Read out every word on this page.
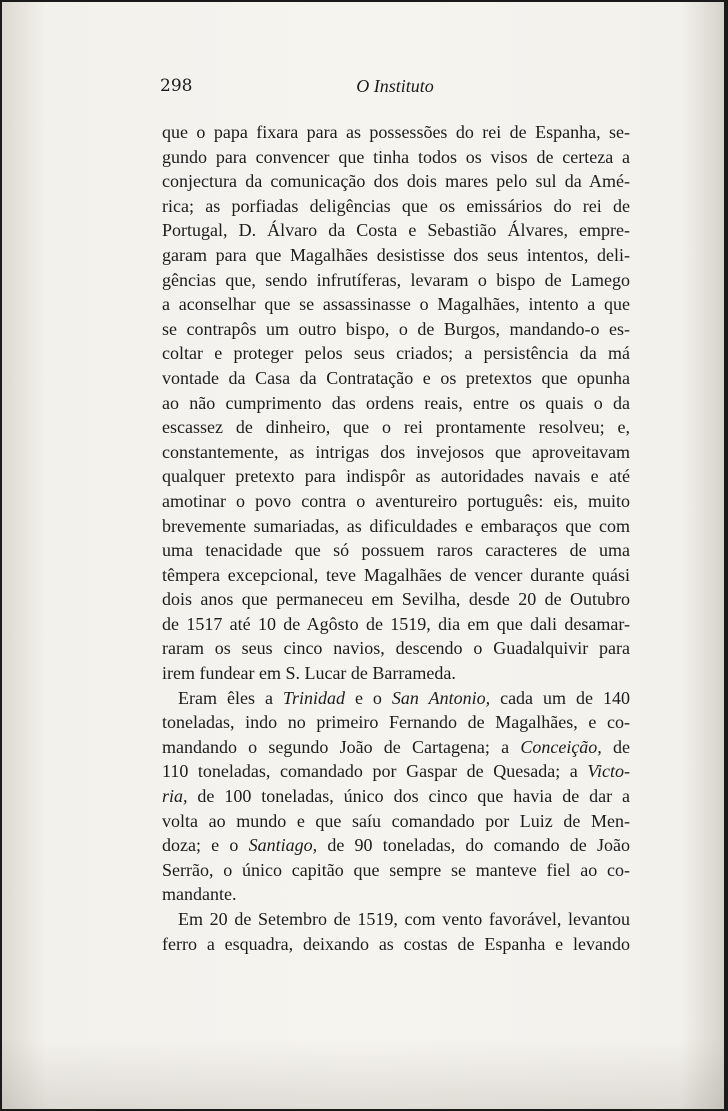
298	O Instituto

que o papa fixara para as possessões do rei de Espanha, se-
gundo para convencer que tinha todos os visos de certeza a
conjectura da comunicação dos dois mares pelo sul da Amé-
rica; as porfiadas deligências que os emissários do rei de
Portugal, D. Álvaro da Costa e Sebastião Álvares, empre-
garam para que Magalhães desistisse dos seus intentos, deli-
gências que, sendo infrutíferas, levaram o bispo de Lamego
a aconselhar que se assassinasse o Magalhães, intento a que
se contrapôs um outro bispo, o de Burgos, mandando-o es-
coltar e proteger pelos seus criados; a persistência da má
vontade da Casa da Contratação e os pretextos que opunha
ao não cumprimento das ordens reais, entre os quais o da
escassez de dinheiro, que o rei prontamente resolveu; e,
constantemente, as intrigas dos invejosos que aproveitavam
qualquer pretexto para indispôr as autoridades navais e até
amotinar o povo contra o aventureiro português: eis, muito
brevemente sumariadas, as dificuldades e embaraços que com
uma tenacidade que só possuem raros caracteres de uma
têmpera excepcional, teve Magalhães de vencer durante quási
dois anos que permaneceu em Sevilha, desde 20 de Outubro
de 1517 até 10 de Agôsto de 1519, dia em que dali desamar-
raram os seus cinco navios, descendo o Guadalquivir para
irem fundear em S. Lucar de Barrameda.

Eram êles a Trinidad e o San Antonio, cada um de 140
toneladas, indo no primeiro Fernando de Magalhães, e co-
mandando o segundo João de Cartagena; a Conceição, de
110 toneladas, comandado por Gaspar de Quesada; a Victo-
ria, de 100 toneladas, único dos cinco que havia de dar a
volta ao mundo e que saíu comandado por Luiz de Men-
doza; e o Santiago, de 90 toneladas, do comando de João
Serrão, o único capitão que sempre se manteve fiel ao co-
mandante.

Em 20 de Setembro de 1519, com vento favorável, levantou
ferro a esquadra, deixando as costas de Espanha e levando
